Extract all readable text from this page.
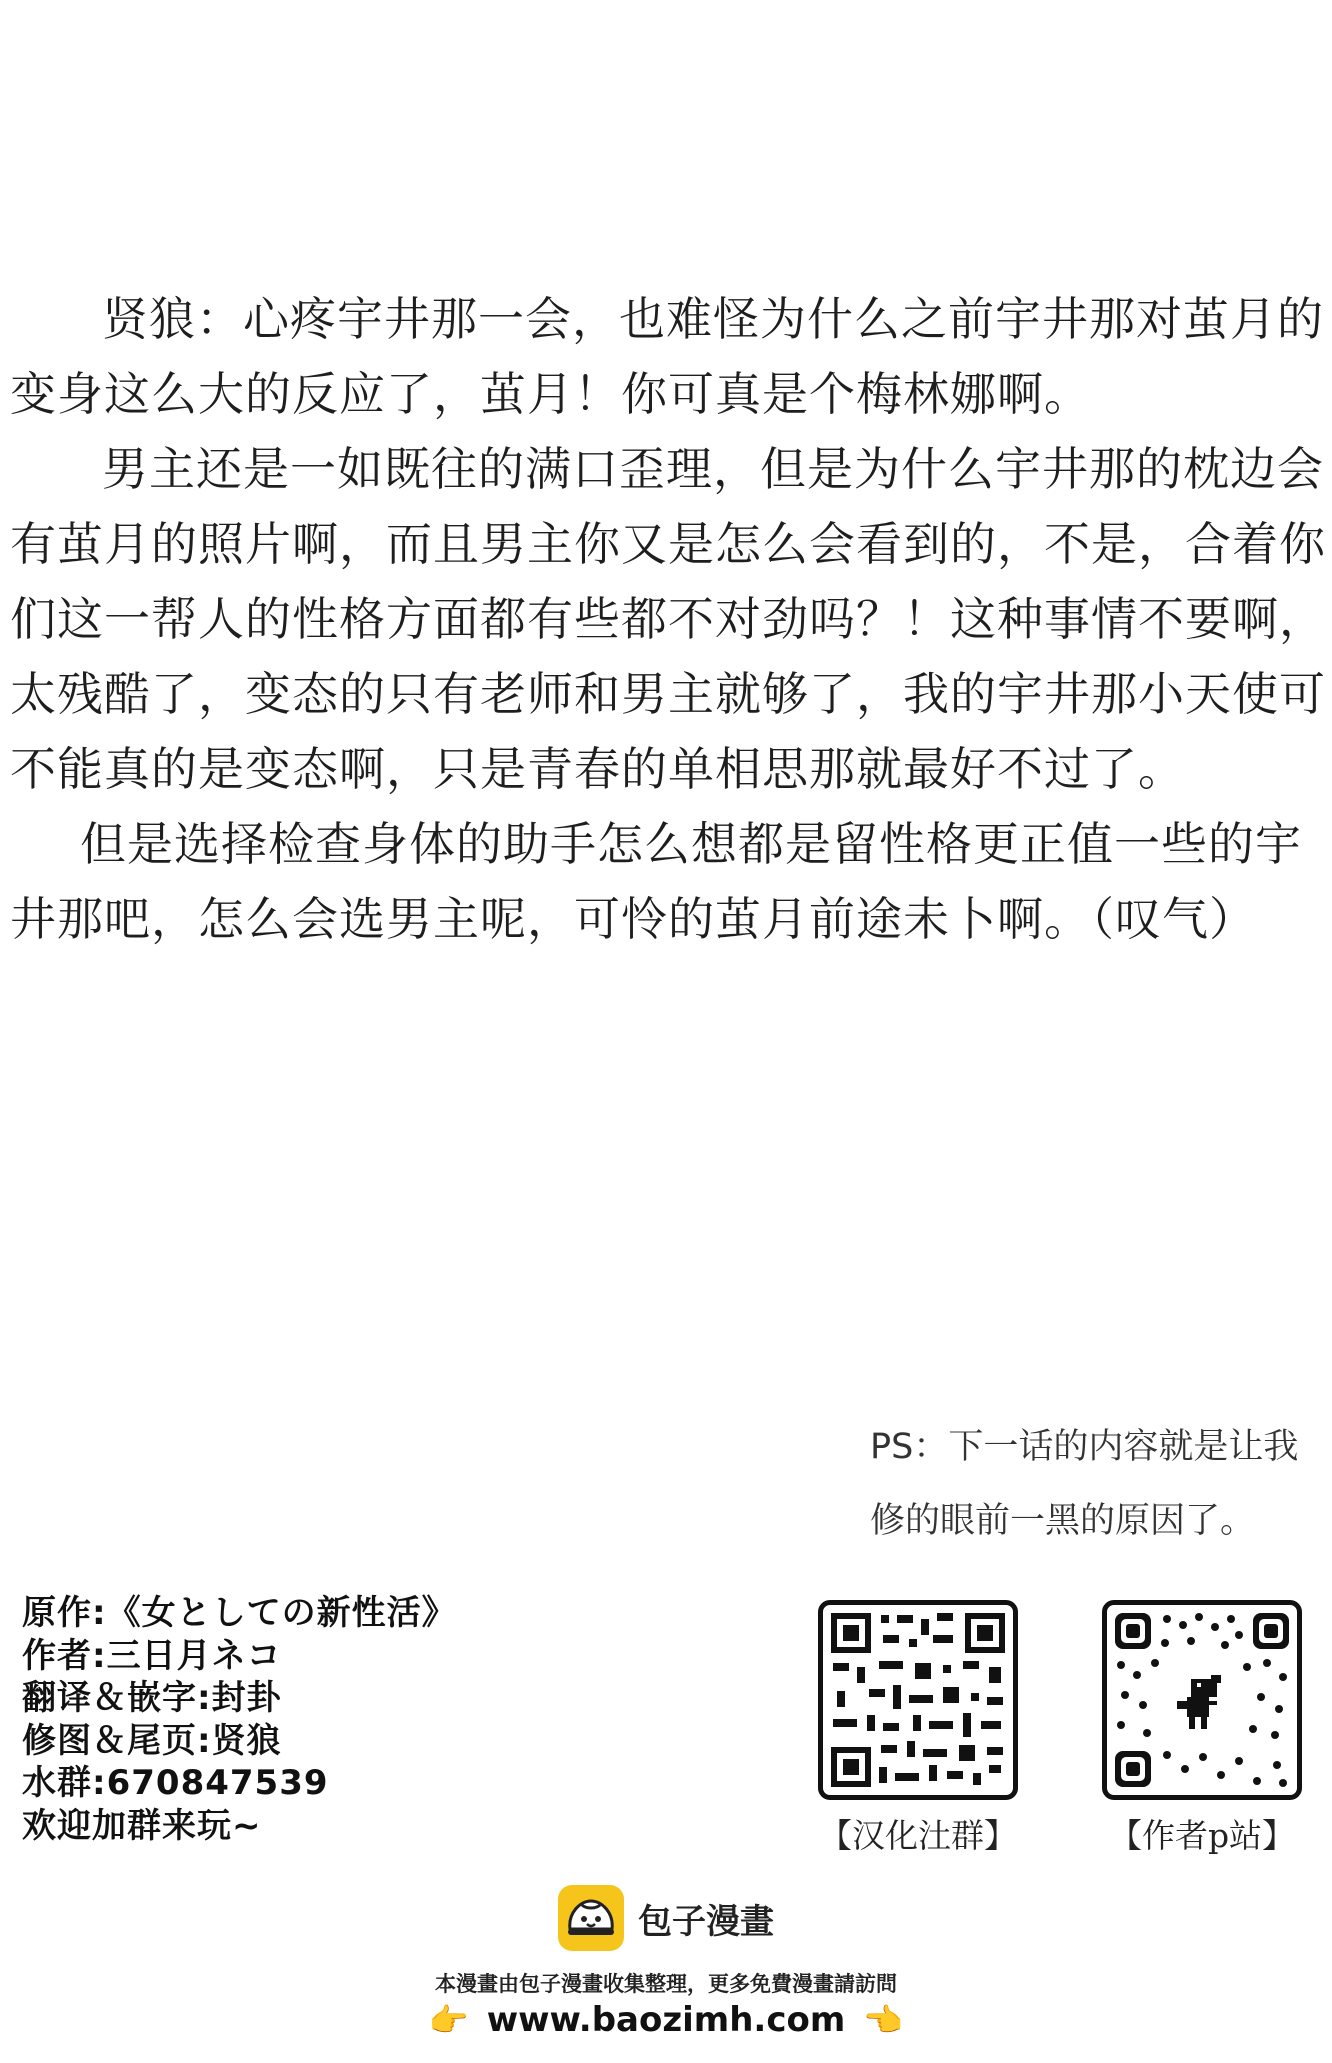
贤狼：心疼宇井那一会，也难怪为什么之前宇井那对茧月的变身这么大的反应了，茧月！你可真是个梅林娜啊。

男主还是一如既往的满口歪理，但是为什么宇井那的枕边会有茧月的照片啊，而且男主你又是怎么会看到的，不是，合着你们这一帮人的性格方面都有些都不对劲吗？！这种事情不要啊，太残酷了，变态的只有老师和男主就够了，我的宇井那小天使可不能真的是变态啊，只是青春的单相思那就最好不过了。

但是选择检查身体的助手怎么想都是留性格更正值一些的宇井那吧，怎么会选男主呢，可怜的茧月前途未卜啊。（叹气）

PS：下一话的内容就是让我
修的眼前一黑的原因了。
原作:《女としての新性活》
作者:三日月ネコ
翻译＆嵌字:封卦
修图＆尾页:贤狼
水群:670847539
欢迎加群来玩~	【汉化汢群】	【作者p站】
包子漫畫
本漫畫由包子漫畫收集整理，更多免費漫畫請訪問
👉 www.baozimh.com 👈
